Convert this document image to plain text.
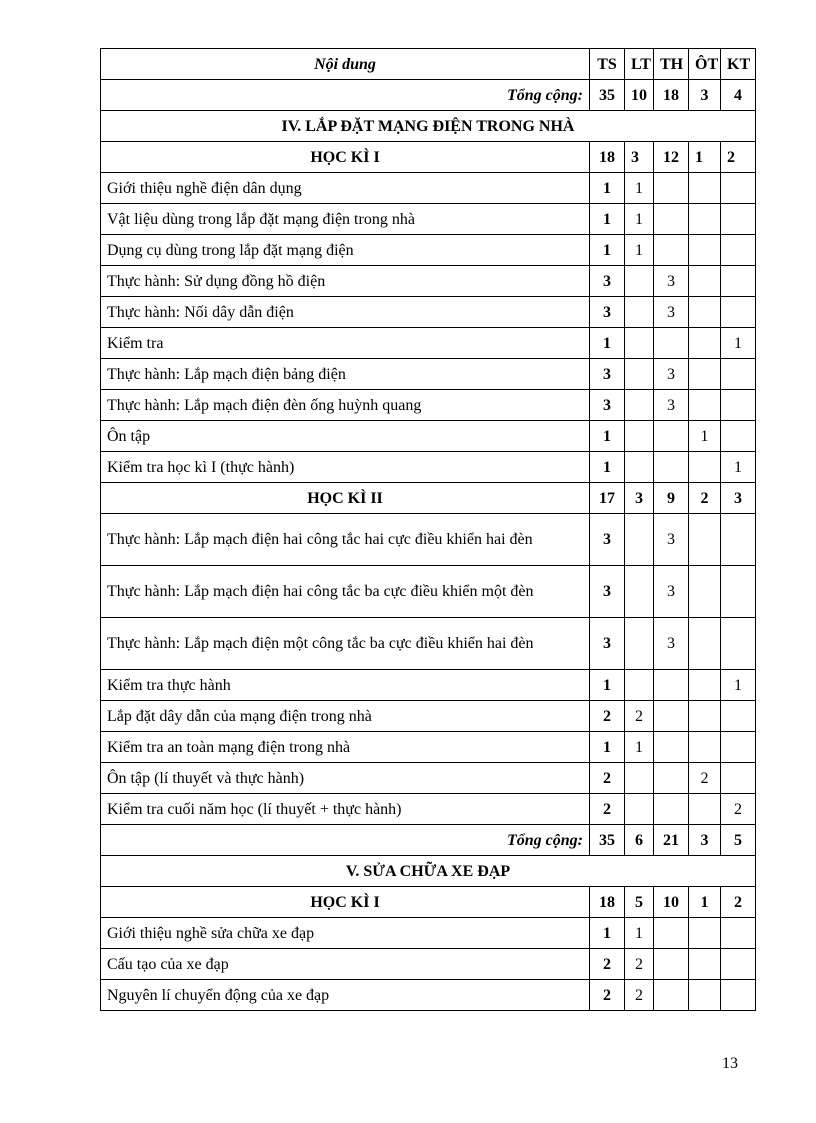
Nội dung	TS	LT	TH	ÔT	KT
Tổng cộng:	35	10	18	3	4
IV. LẮP ĐẶT MẠNG ĐIỆN TRONG NHÀ					
HỌC KÌ I	18	3	12	1	2
Giới thiệu nghề điện dân dụng	1	1			
Vật liệu dùng trong lắp đặt mạng điện trong nhà	1	1			
Dụng cụ dùng trong lắp đặt mạng điện	1	1			
Thực hành: Sử dụng đồng hồ điện	3		3		
Thực hành: Nối dây dẫn điện	3		3		
Kiểm tra	1				1
Thực hành: Lắp mạch điện bảng điện	3		3		
Thực hành: Lắp mạch điện đèn ống huỳnh quang	3		3		
Ôn tập	1			1	
Kiểm tra học kì I (thực hành)	1				1
HỌC KÌ II	17	3	9	2	3
Thực hành: Lắp mạch điện hai công tắc hai cực điều khiển hai đèn	3		3		
Thực hành: Lắp mạch điện hai công tắc ba cực điều khiển một đèn	3		3		
Thực hành: Lắp mạch điện một công tắc ba cực điều khiển hai đèn	3		3		
Kiểm tra thực hành	1				1
Lắp đặt dây dẫn của mạng điện trong nhà	2	2			
Kiểm tra an toàn mạng điện trong nhà	1	1			
Ôn tập (lí thuyết và thực hành)	2			2	
Kiểm tra cuối năm học (lí thuyết + thực hành)	2				2
Tổng cộng:	35	6	21	3	5
V. SỬA CHỮA XE ĐẠP					
HỌC KÌ I	18	5	10	1	2
Giới thiệu nghề sửa chữa xe đạp	1	1			
Cấu tạo của xe đạp	2	2			
Nguyên lí chuyển động của xe đạp	2	2			
13
